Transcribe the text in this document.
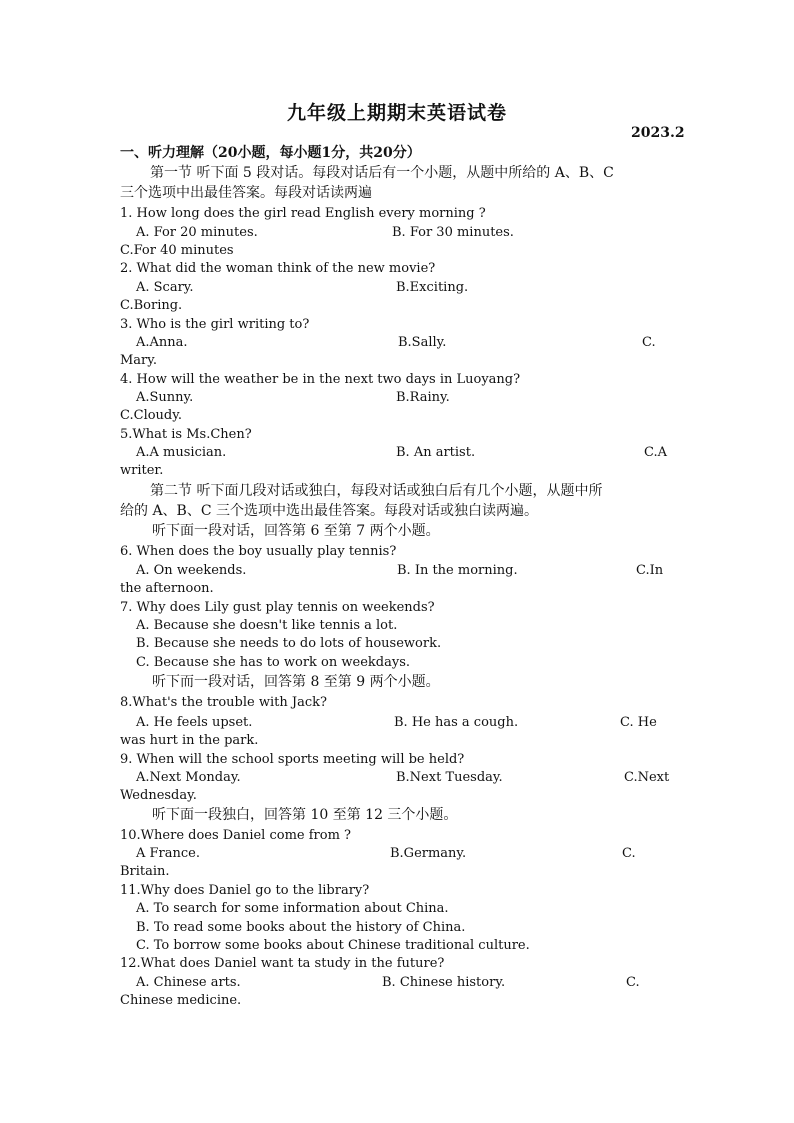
九年级上期期末英语试卷
2023.2
一、听力理解（20小题，每小题1分，共20分）
第一节 听下面 5 段对话。每段对话后有一个小题，从题中所给的 A、B、C
三个选项中出最佳答案。每段对话读两遍
1. How long does the girl read English every morning ?
A. For 20 minutes.	B. For 30 minutes.
C.For 40 minutes
2. What did the woman think of the new movie?
A. Scary.	B.Exciting.
C.Boring.
3. Who is the girl writing to?
A.Anna.	B.Sally.	C.
Mary.
4. How will the weather be in the next two days in Luoyang?
A.Sunny.	B.Rainy.
C.Cloudy.
5.What is Ms.Chen?
A.A musician.	B. An artist.	C.A
writer.
第二节 听下面几段对话或独白，每段对话或独白后有几个小题，从题中所
给的 A、B、C 三个选项中选出最佳答案。每段对话或独白读两遍。
听下面一段对话，回答第 6 至第 7 两个小题。
6. When does the boy usually play tennis?
A. On weekends.	B. In the morning.	C.In
the afternoon.
7. Why does Lily gust play tennis on weekends?
A. Because she doesn't like tennis a lot.
B. Because she needs to do lots of housework.
C. Because she has to work on weekdays.
听下而一段对话，回答第 8 至第 9 两个小题。
8.What's the trouble with Jack?
A. He feels upset.	B. He has a cough.	C. He
was hurt in the park.
9. When will the school sports meeting will be held?
A.Next Monday.	B.Next Tuesday.	C.Next
Wednesday.
听下面一段独白，回答第 10 至第 12 三个小题。
10.Where does Daniel come from ?
A France.	B.Germany.	C.
Britain.
11.Why does Daniel go to the library?
A. To search for some information about China.
B. To read some books about the history of China.
C. To borrow some books about Chinese traditional culture.
12.What does Daniel want ta study in the future?
A. Chinese arts.	B. Chinese history.	C.
Chinese medicine.
